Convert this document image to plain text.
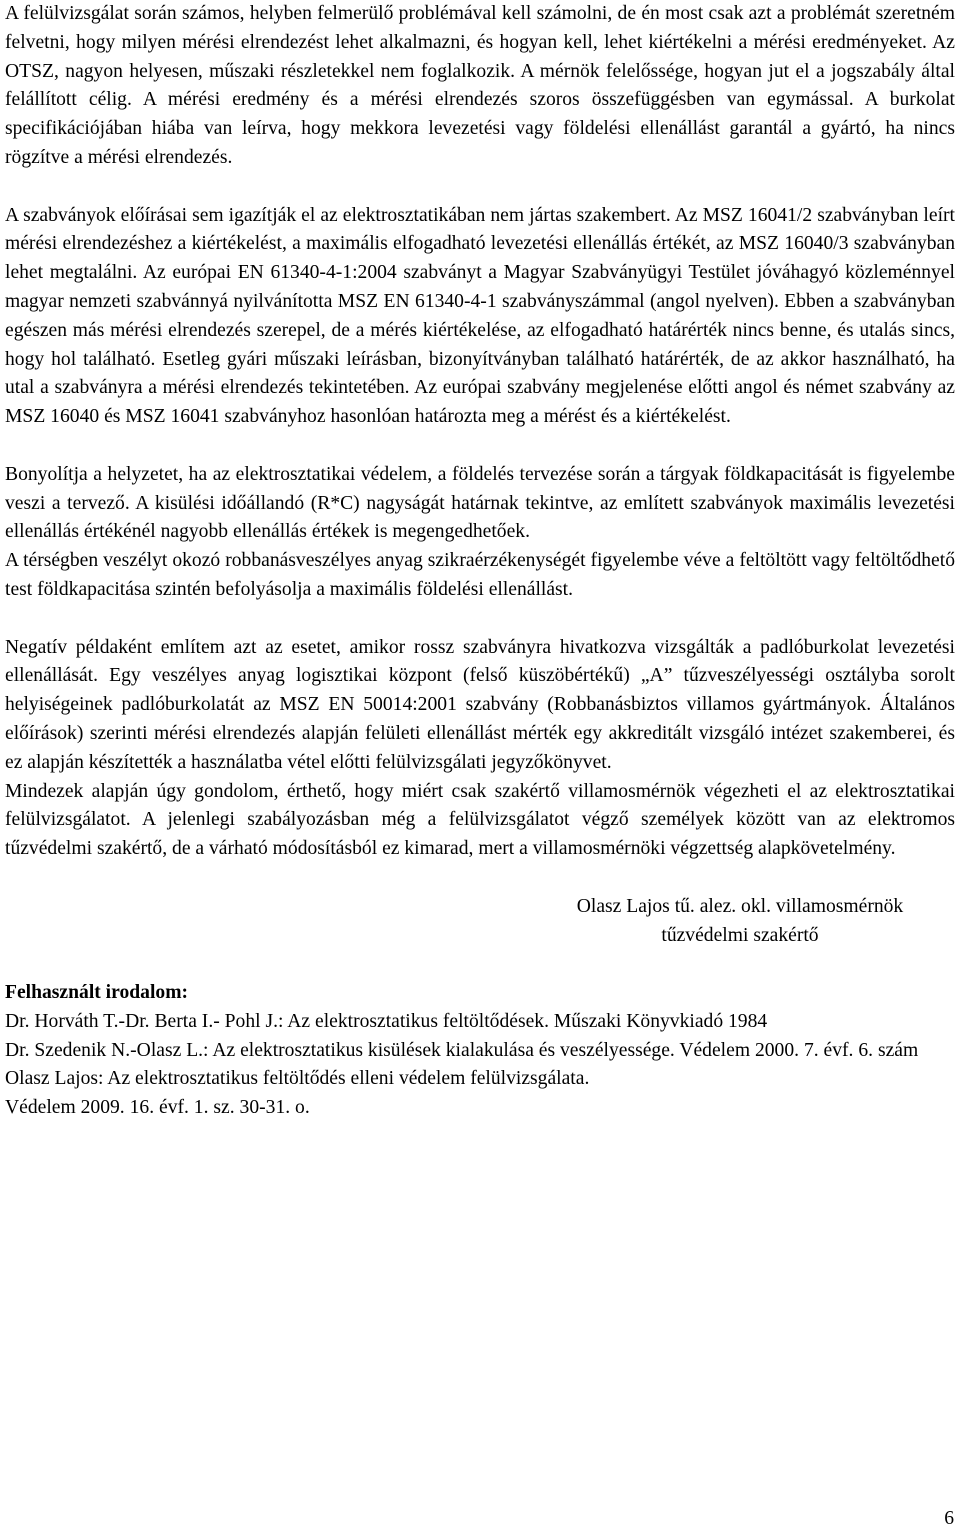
A felülvizsgálat során számos, helyben felmerülő problémával kell számolni, de én most csak azt a problémát szeretném felvetni, hogy milyen mérési elrendezést lehet alkalmazni, és hogyan kell, lehet kiértékelni a mérési eredményeket. Az OTSZ, nagyon helyesen, műszaki részletekkel nem foglalkozik. A mérnök felelőssége, hogyan jut el a jogszabály által felállított célig. A mérési eredmény és a mérési elrendezés szoros összefüggésben van egymással. A burkolat specifikációjában hiába van leírva, hogy mekkora levezetési vagy földelési ellenállást garantál a gyártó, ha nincs rögzítve a mérési elrendezés.

A szabványok előírásai sem igazítják el az elektrosztatikában nem jártas szakembert. Az MSZ 16041/2 szabványban leírt mérési elrendezéshez a kiértékelést, a maximális elfogadható levezetési ellenállás értékét, az MSZ 16040/3 szabványban lehet megtalálni. Az európai EN 61340-4-1:2004 szabványt a Magyar Szabványügyi Testület jóváhagyó közleménnyel magyar nemzeti szabvánnyá nyilvánította MSZ EN 61340-4-1 szabványszámmal (angol nyelven). Ebben a szabványban egészen más mérési elrendezés szerepel, de a mérés kiértékelése, az elfogadható határérték nincs benne, és utalás sincs, hogy hol található. Esetleg gyári műszaki leírásban, bizonyítványban található határérték, de az akkor használható, ha utal a szabványra a mérési elrendezés tekintetében. Az európai szabvány megjelenése előtti angol és német szabvány az MSZ 16040 és MSZ 16041 szabványhoz hasonlóan határozta meg a mérést és a kiértékelést.

Bonyolítja a helyzetet, ha az elektrosztatikai védelem, a földelés tervezése során a tárgyak földkapacitását is figyelembe veszi a tervező. A kisülési időállandó (R*C) nagyságát határnak tekintve, az említett szabványok maximális levezetési ellenállás értékénél nagyobb ellenállás értékek is megengedhetőek.

A térségben veszélyt okozó robbanásveszélyes anyag szikraérzékenységét figyelembe véve a feltöltött vagy feltöltődhető test földkapacitása szintén befolyásolja a maximális földelési ellenállást.

Negatív példaként említem azt az esetet, amikor rossz szabványra hivatkozva vizsgálták a padlóburkolat levezetési ellenállását. Egy veszélyes anyag logisztikai központ (felső küszöbértékű) „A” tűzveszélyességi osztályba sorolt helyiségeinek padlóburkolatát az MSZ EN 50014:2001 szabvány (Robbanásbiztos villamos gyártmányok. Általános előírások) szerinti mérési elrendezés alapján felületi ellenállást mérték egy akkreditált vizsgáló intézet szakemberei, és ez alapján készítették a használatba vétel előtti felülvizsgálati jegyzőkönyvet.

Mindezek alapján úgy gondolom, érthető, hogy miért csak szakértő villamosmérnök végezheti el az elektrosztatikai felülvizsgálatot. A jelenlegi szabályozásban még a felülvizsgálatot végző személyek között van az elektromos tűzvédelmi szakértő, de a várható módosításból ez kimarad, mert a villamosmérnöki végzettség alapkövetelmény.

Olasz Lajos tű. alez. okl. villamosmérnök
tűzvédelmi szakértő
Felhasznált irodalom:

Dr. Horváth T.-Dr. Berta I.- Pohl J.: Az elektrosztatikus feltöltődések. Műszaki Könyvkiadó 1984

Dr. Szedenik N.-Olasz L.: Az elektrosztatikus kisülések kialakulása és veszélyessége. Védelem 2000. 7. évf. 6. szám

Olasz Lajos: Az elektrosztatikus feltöltődés elleni védelem felülvizsgálata.

Védelem 2009. 16. évf. 1. sz. 30-31. o.

6
